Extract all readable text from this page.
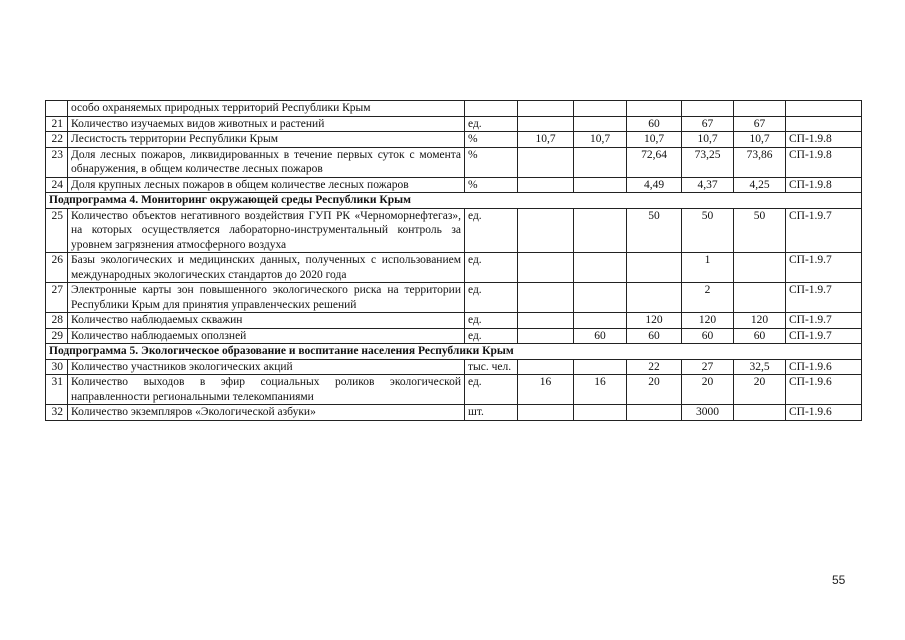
	особо охраняемых природных территорий Республики Крым							
21	Количество изучаемых видов животных и растений	ед.			60	67	67	
22	Лесистость территории Республики Крым	%	10,7	10,7	10,7	10,7	10,7	СП-1.9.8
23	Доля лесных пожаров, ликвидированных в течение первых суток с момента обнаружения, в общем количестве лесных пожаров	%			72,64	73,25	73,86	СП-1.9.8
24	Доля крупных лесных пожаров в общем количестве лесных пожаров	%			4,49	4,37	4,25	СП-1.9.8
Подпрограмма 4. Мониторинг окружающей среды Республики Крым								
25	Количество объектов негативного воздействия ГУП РК «Черноморнефтегаз», на которых осуществляется лабораторно-инструментальный контроль за уровнем загрязнения атмосферного воздуха	ед.			50	50	50	СП-1.9.7
26	Базы экологических и медицинских данных, полученных с использованием международных экологических стандартов до 2020 года	ед.				1		СП-1.9.7
27	Электронные карты зон повышенного экологического риска на территории Республики Крым для принятия управленческих решений	ед.				2		СП-1.9.7
28	Количество наблюдаемых скважин	ед.			120	120	120	СП-1.9.7
29	Количество наблюдаемых оползней	ед.		60	60	60	60	СП-1.9.7
Подпрограмма 5. Экологическое образование и воспитание населения Республики Крым								
30	Количество участников экологических акций	тыс. чел.			22	27	32,5	СП-1.9.6
31	Количество выходов в эфир социальных роликов экологической направленности региональными телекомпаниями	ед.	16	16	20	20	20	СП-1.9.6
32	Количество экземпляров «Экологической азбуки»	шт.				3000		СП-1.9.6
55
